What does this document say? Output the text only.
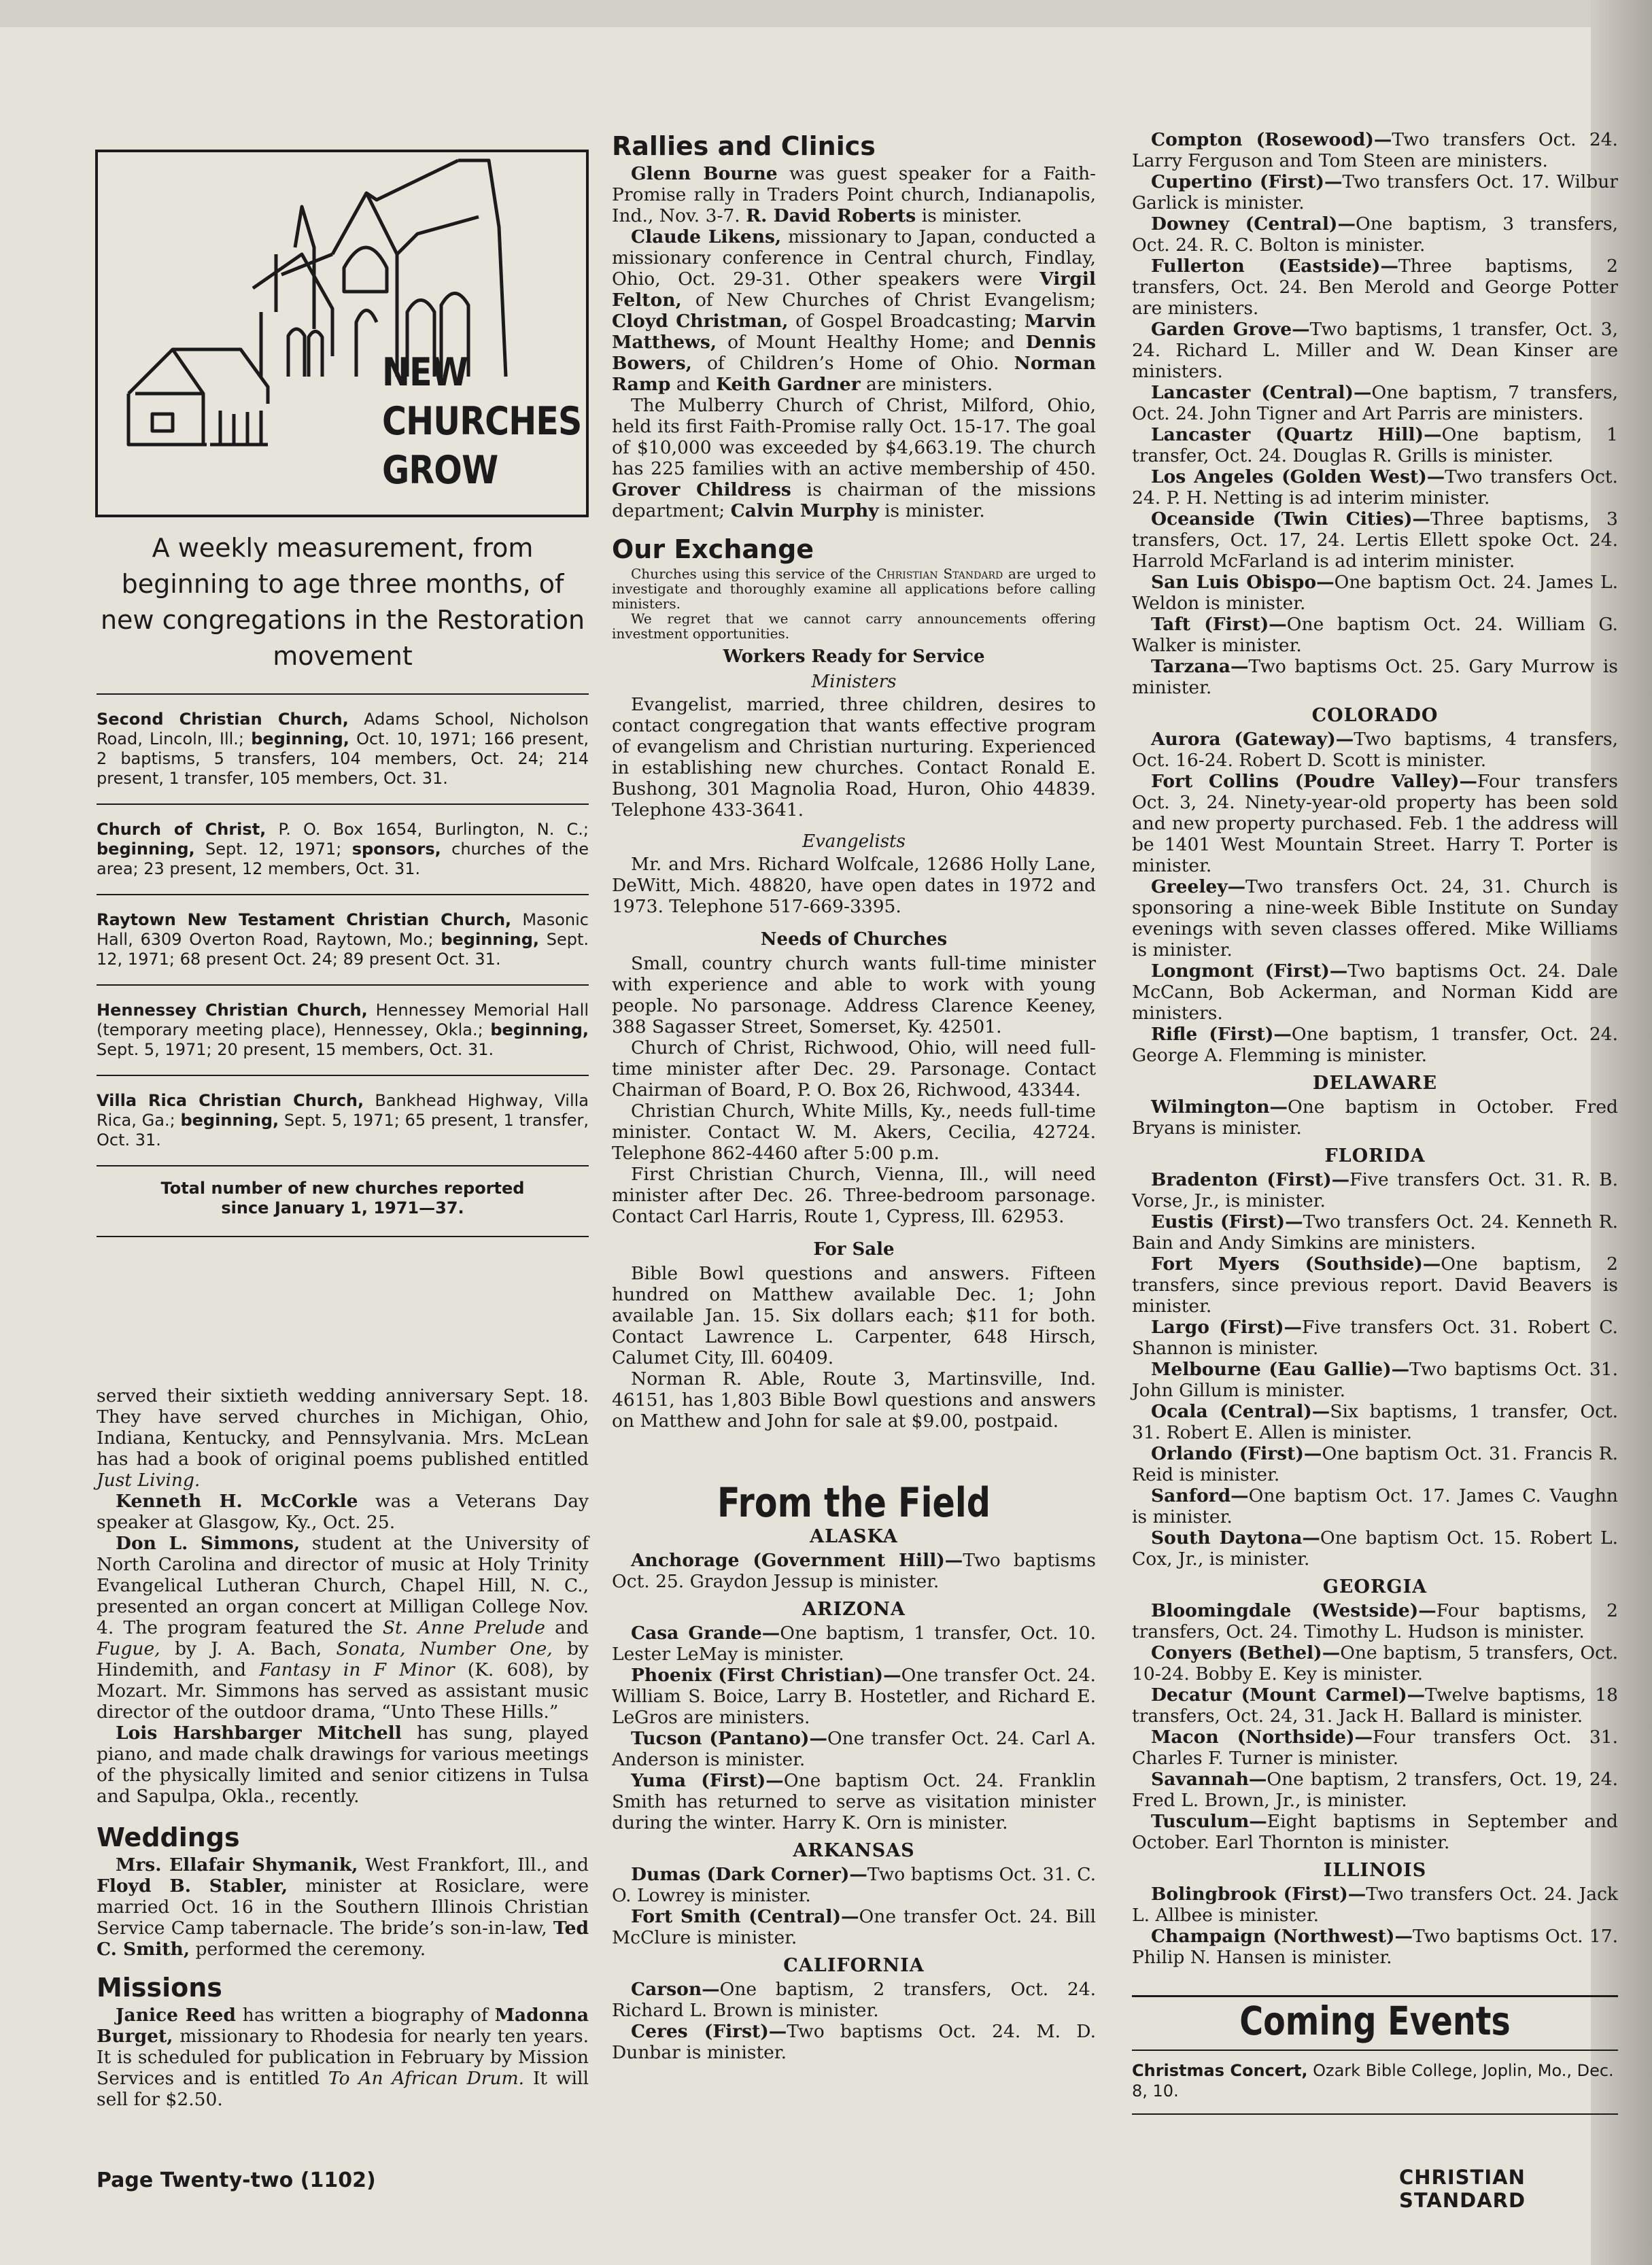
NEW
CHURCHES
GROW
A weekly measurement, from beginning to age three months, of new congregations in the Restoration movement
Second Christian Church, Adams School, Nicholson Road, Lincoln, Ill.; beginning, Oct. 10, 1971; 166 present, 2 baptisms, 5 transfers, 104 members, Oct. 24; 214 present, 1 transfer, 105 members, Oct. 31.
Church of Christ, P. O. Box 1654, Burlington, N. C.; beginning, Sept. 12, 1971; sponsors, churches of the area; 23 present, 12 members, Oct. 31.
Raytown New Testament Christian Church, Masonic Hall, 6309 Overton Road, Raytown, Mo.; beginning, Sept. 12, 1971; 68 present Oct. 24; 89 present Oct. 31.
Hennessey Christian Church, Hennessey Memorial Hall (temporary meeting place), Hennessey, Okla.; beginning, Sept. 5, 1971; 20 present, 15 members, Oct. 31.
Villa Rica Christian Church, Bankhead Highway, Villa Rica, Ga.; beginning, Sept. 5, 1971; 65 present, 1 transfer, Oct. 31.
Total number of new churches reported
since January 1, 1971—37.

served their sixtieth wedding anniversary Sept. 18. They have served churches in Michigan, Ohio, Indiana, Kentucky, and Pennsylvania. Mrs. McLean has had a book of original poems published entitled Just Living.

Kenneth H. McCorkle was a Veterans Day speaker at Glasgow, Ky., Oct. 25.

Don L. Simmons, student at the University of North Carolina and director of music at Holy Trinity Evangelical Lutheran Church, Chapel Hill, N. C., presented an organ concert at Milligan College Nov. 4. The program featured the St. Anne Prelude and Fugue, by J. A. Bach, Sonata, Number One, by Hindemith, and Fantasy in F Minor (K. 608), by Mozart. Mr. Simmons has served as assistant music director of the outdoor drama, “Unto These Hills.”

Lois Harshbarger Mitchell has sung, played piano, and made chalk drawings for various meetings of the physically limited and senior citizens in Tulsa and Sapulpa, Okla., recently.

Weddings

Mrs. Ellafair Shymanik, West Frankfort, Ill., and Floyd B. Stabler, minister at Rosiclare, were married Oct. 16 in the Southern Illinois Christian Service Camp tabernacle. The bride’s son-in-law, Ted C. Smith, performed the ceremony.

Missions

Janice Reed has written a biography of Madonna Burget, missionary to Rhodesia for nearly ten years. It is scheduled for publication in February by Mission Services and is entitled To An African Drum. It will sell for $2.50.

Rallies and Clinics

Glenn Bourne was guest speaker for a Faith-Promise rally in Traders Point church, Indianapolis, Ind., Nov. 3-7. R. David Roberts is minister.

Claude Likens, missionary to Japan, conducted a missionary conference in Central church, Findlay, Ohio, Oct. 29-31. Other speakers were Virgil Felton, of New Churches of Christ Evangelism; Cloyd Christman, of Gospel Broadcasting; Marvin Matthews, of Mount Healthy Home; and Dennis Bowers, of Children’s Home of Ohio. Norman Ramp and Keith Gardner are ministers.

The Mulberry Church of Christ, Milford, Ohio, held its first Faith-Promise rally Oct. 15-17. The goal of $10,000 was exceeded by $4,663.19. The church has 225 families with an active membership of 450. Grover Childress is chairman of the missions department; Calvin Murphy is minister.

Our Exchange

Churches using this service of the Christian Standard are urged to investigate and thoroughly examine all applications before calling ministers.

We regret that we cannot carry announcements offering investment opportunities.

Workers Ready for Service
Ministers

Evangelist, married, three children, desires to contact congregation that wants effective program of evangelism and Christian nurturing. Experienced in establishing new churches. Contact Ronald E. Bushong, 301 Magnolia Road, Huron, Ohio 44839. Telephone 433-3641.

Evangelists

Mr. and Mrs. Richard Wolfcale, 12686 Holly Lane, DeWitt, Mich. 48820, have open dates in 1972 and 1973. Telephone 517-669-3395.

Needs of Churches

Small, country church wants full-time minister with experience and able to work with young people. No parsonage. Address Clarence Keeney, 388 Sagasser Street, Somerset, Ky. 42501.

Church of Christ, Richwood, Ohio, will need full-time minister after Dec. 29. Parsonage. Contact Chairman of Board, P. O. Box 26, Richwood, 43344.

Christian Church, White Mills, Ky., needs full-time minister. Contact W. M. Akers, Cecilia, 42724. Telephone 862-4460 after 5:00 p.m.

First Christian Church, Vienna, Ill., will need minister after Dec. 26. Three-bedroom parsonage. Contact Carl Harris, Route 1, Cypress, Ill. 62953.

For Sale

Bible Bowl questions and answers. Fifteen hundred on Matthew available Dec. 1; John available Jan. 15. Six dollars each; $11 for both. Contact Lawrence L. Carpenter, 648 Hirsch, Calumet City, Ill. 60409.

Norman R. Able, Route 3, Martinsville, Ind. 46151, has 1,803 Bible Bowl questions and answers on Matthew and John for sale at $9.00, postpaid.

From the Field
ALASKA

Anchorage (Government Hill)—Two baptisms Oct. 25. Graydon Jessup is minister.

ARIZONA

Casa Grande—One baptism, 1 transfer, Oct. 10. Lester LeMay is minister.

Phoenix (First Christian)—One transfer Oct. 24. William S. Boice, Larry B. Hostetler, and Richard E. LeGros are ministers.

Tucson (Pantano)—One transfer Oct. 24. Carl A. Anderson is minister.

Yuma (First)—One baptism Oct. 24. Franklin Smith has returned to serve as visitation minister during the winter. Harry K. Orn is minister.

ARKANSAS

Dumas (Dark Corner)—Two baptisms Oct. 31. C. O. Lowrey is minister.

Fort Smith (Central)—One transfer Oct. 24. Bill McClure is minister.

CALIFORNIA

Carson—One baptism, 2 transfers, Oct. 24. Richard L. Brown is minister.

Ceres (First)—Two baptisms Oct. 24. M. D. Dunbar is minister.

Compton (Rosewood)—Two transfers Oct. 24. Larry Ferguson and Tom Steen are ministers.

Cupertino (First)—Two transfers Oct. 17. Wilbur Garlick is minister.

Downey (Central)—One baptism, 3 transfers, Oct. 24. R. C. Bolton is minister.

Fullerton (Eastside)—Three baptisms, 2 transfers, Oct. 24. Ben Merold and George Potter are ministers.

Garden Grove—Two baptisms, 1 transfer, Oct. 3, 24. Richard L. Miller and W. Dean Kinser are ministers.

Lancaster (Central)—One baptism, 7 transfers, Oct. 24. John Tigner and Art Parris are ministers.

Lancaster (Quartz Hill)—One baptism, 1 transfer, Oct. 24. Douglas R. Grills is minister.

Los Angeles (Golden West)—Two transfers Oct. 24. P. H. Netting is ad interim minister.

Oceanside (Twin Cities)—Three baptisms, 3 transfers, Oct. 17, 24. Lertis Ellett spoke Oct. 24. Harrold McFarland is ad interim minister.

San Luis Obispo—One baptism Oct. 24. James L. Weldon is minister.

Taft (First)—One baptism Oct. 24. William G. Walker is minister.

Tarzana—Two baptisms Oct. 25. Gary Murrow is minister.

COLORADO

Aurora (Gateway)—Two baptisms, 4 transfers, Oct. 16-24. Robert D. Scott is minister.

Fort Collins (Poudre Valley)—Four transfers Oct. 3, 24. Ninety-year-old property has been sold and new property purchased. Feb. 1 the address will be 1401 West Mountain Street. Harry T. Porter is minister.

Greeley—Two transfers Oct. 24, 31. Church is sponsoring a nine-week Bible Institute on Sunday evenings with seven classes offered. Mike Williams is minister.

Longmont (First)—Two baptisms Oct. 24. Dale McCann, Bob Ackerman, and Norman Kidd are ministers.

Rifle (First)—One baptism, 1 transfer, Oct. 24. George A. Flemming is minister.

DELAWARE

Wilmington—One baptism in October. Fred Bryans is minister.

FLORIDA

Bradenton (First)—Five transfers Oct. 31. R. B. Vorse, Jr., is minister.

Eustis (First)—Two transfers Oct. 24. Kenneth R. Bain and Andy Simkins are ministers.

Fort Myers (Southside)—One baptism, 2 transfers, since previous report. David Beavers is minister.

Largo (First)—Five transfers Oct. 31. Robert C. Shannon is minister.

Melbourne (Eau Gallie)—Two baptisms Oct. 31. John Gillum is minister.

Ocala (Central)—Six baptisms, 1 transfer, Oct. 31. Robert E. Allen is minister.

Orlando (First)—One baptism Oct. 31. Francis R. Reid is minister.

Sanford—One baptism Oct. 17. James C. Vaughn is minister.

South Daytona—One baptism Oct. 15. Robert L. Cox, Jr., is minister.

GEORGIA

Bloomingdale (Westside)—Four baptisms, 2 transfers, Oct. 24. Timothy L. Hudson is minister.

Conyers (Bethel)—One baptism, 5 transfers, Oct. 10-24. Bobby E. Key is minister.

Decatur (Mount Carmel)—Twelve baptisms, 18 transfers, Oct. 24, 31. Jack H. Ballard is minister.

Macon (Northside)—Four transfers Oct. 31. Charles F. Turner is minister.

Savannah—One baptism, 2 transfers, Oct. 19, 24. Fred L. Brown, Jr., is minister.

Tusculum—Eight baptisms in September and October. Earl Thornton is minister.

ILLINOIS

Bolingbrook (First)—Two transfers Oct. 24. Jack L. Allbee is minister.

Champaign (Northwest)—Two baptisms Oct. 17. Philip N. Hansen is minister.

Coming Events
Christmas Concert, Ozark Bible College, Joplin, Mo., Dec. 8, 10.
Page Twenty-two (1102)	CHRISTIAN STANDARD
